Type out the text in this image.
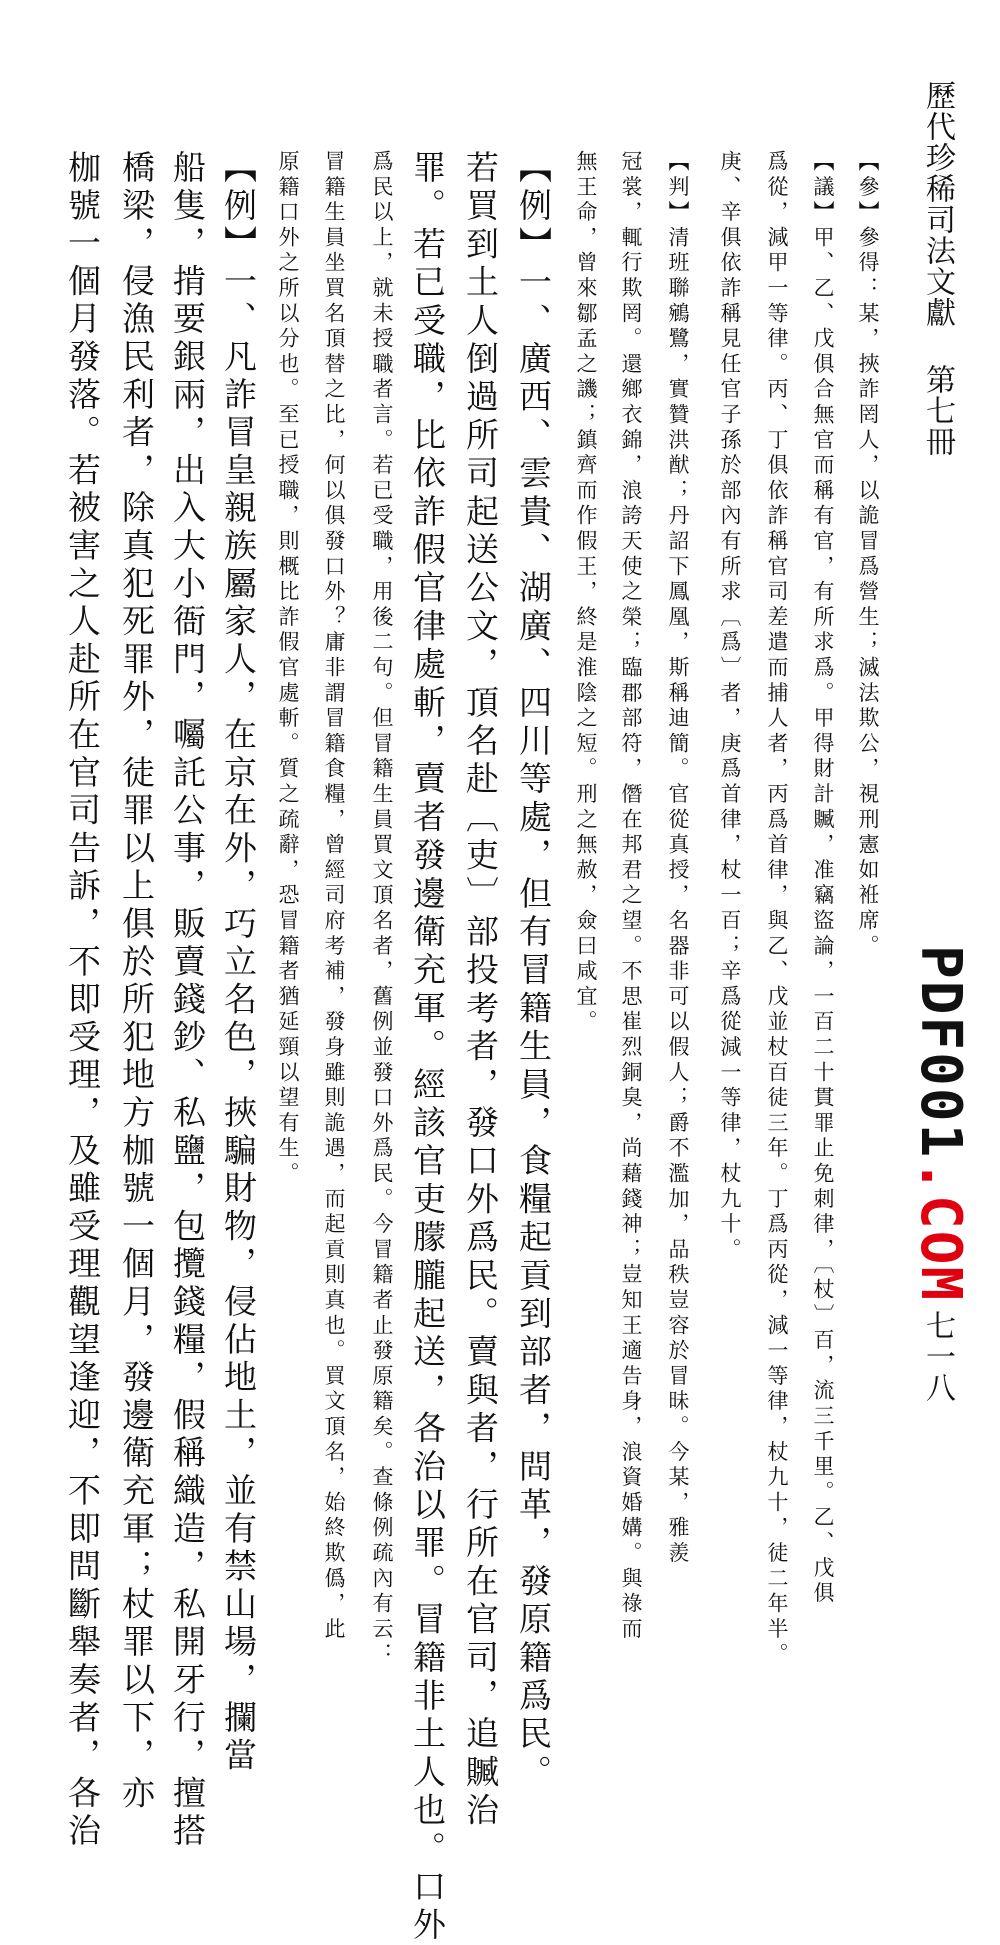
歷代珍稀司法文獻 第七冊
七一八
PDF001.COM
【參】參得：某，挾詐罔人，以詭冒爲營生；滅法欺公，視刑憲如袵席。
【議】甲、乙、戊俱合無官而稱有官，有所求爲。甲得財計贓，准竊盜論，一百二十貫罪止免刺律，〔杖〕百，流三千里。乙、戊俱
爲從，減甲一等律。丙、丁俱依詐稱官司差遣而捕人者，丙爲首律，與乙、戊並杖百徒三年。丁爲丙從，減一等律，杖九十，徒二年半。
庚、辛俱依詐稱見任官子孫於部內有所求〔爲〕者，庚爲首律，杖一百；辛爲從減一等律，杖九十。
【判】清班聯鵷鷺，實贊洪猷；丹詔下鳳凰，斯稱迪簡。官從真授，名器非可以假人；爵不濫加，品秩豈容於冒昧。今某，雅羨
冠裳，輒行欺罔。還鄉衣錦，浪誇天使之榮；臨郡部符，僭在邦君之望。不思崔烈銅臭，尚藉錢神；豈知王適告身，浪資婚媾。與祿而
無王命，曾來鄒孟之譏；鎮齊而作假王，終是淮陰之短。刑之無赦，僉曰咸宜。
【例】一、廣西、雲貴、湖廣、四川等處，但有冒籍生員，食糧起貢到部者，問革，發原籍爲民。
若買到土人倒過所司起送公文，頂名赴〔吏〕部投考者，發口外爲民。賣與者，行所在官司，追贓治
罪。若已受職，比依詐假官律處斬，賣者發邊衛充軍。經該官吏朦朧起送，各治以罪。冒籍非土人也。口外
爲民以上，就未授職者言。若已受職，用後二句。但冒籍生員買文頂名者，舊例並發口外爲民。今冒籍者止發原籍矣。查條例疏內有云：
冒籍生員坐買名頂替之比，何以俱發口外？庸非謂冒籍食糧，曾經司府考補，發身雖則詭遇，而起貢則真也。買文頂名，始終欺僞，此
原籍口外之所以分也。至已授職，則概比詐假官處斬。質之疏辭，恐冒籍者猶延頸以望有生。
【例】一、凡詐冒皇親族屬家人，在京在外，巧立名色，挾騙財物，侵佔地土，並有禁山場，攔當
船隻，掯要銀兩，出入大小衙門，囑託公事，販賣錢鈔、私鹽，包攬錢糧，假稱織造，私開牙行，擅搭
橋梁，侵漁民利者，除真犯死罪外，徒罪以上俱於所犯地方枷號一個月，發邊衛充軍；杖罪以下，亦
枷號一個月發落。若被害之人赴所在官司告訴，不即受理，及雖受理觀望逢迎，不即問斷舉奏者，各治
